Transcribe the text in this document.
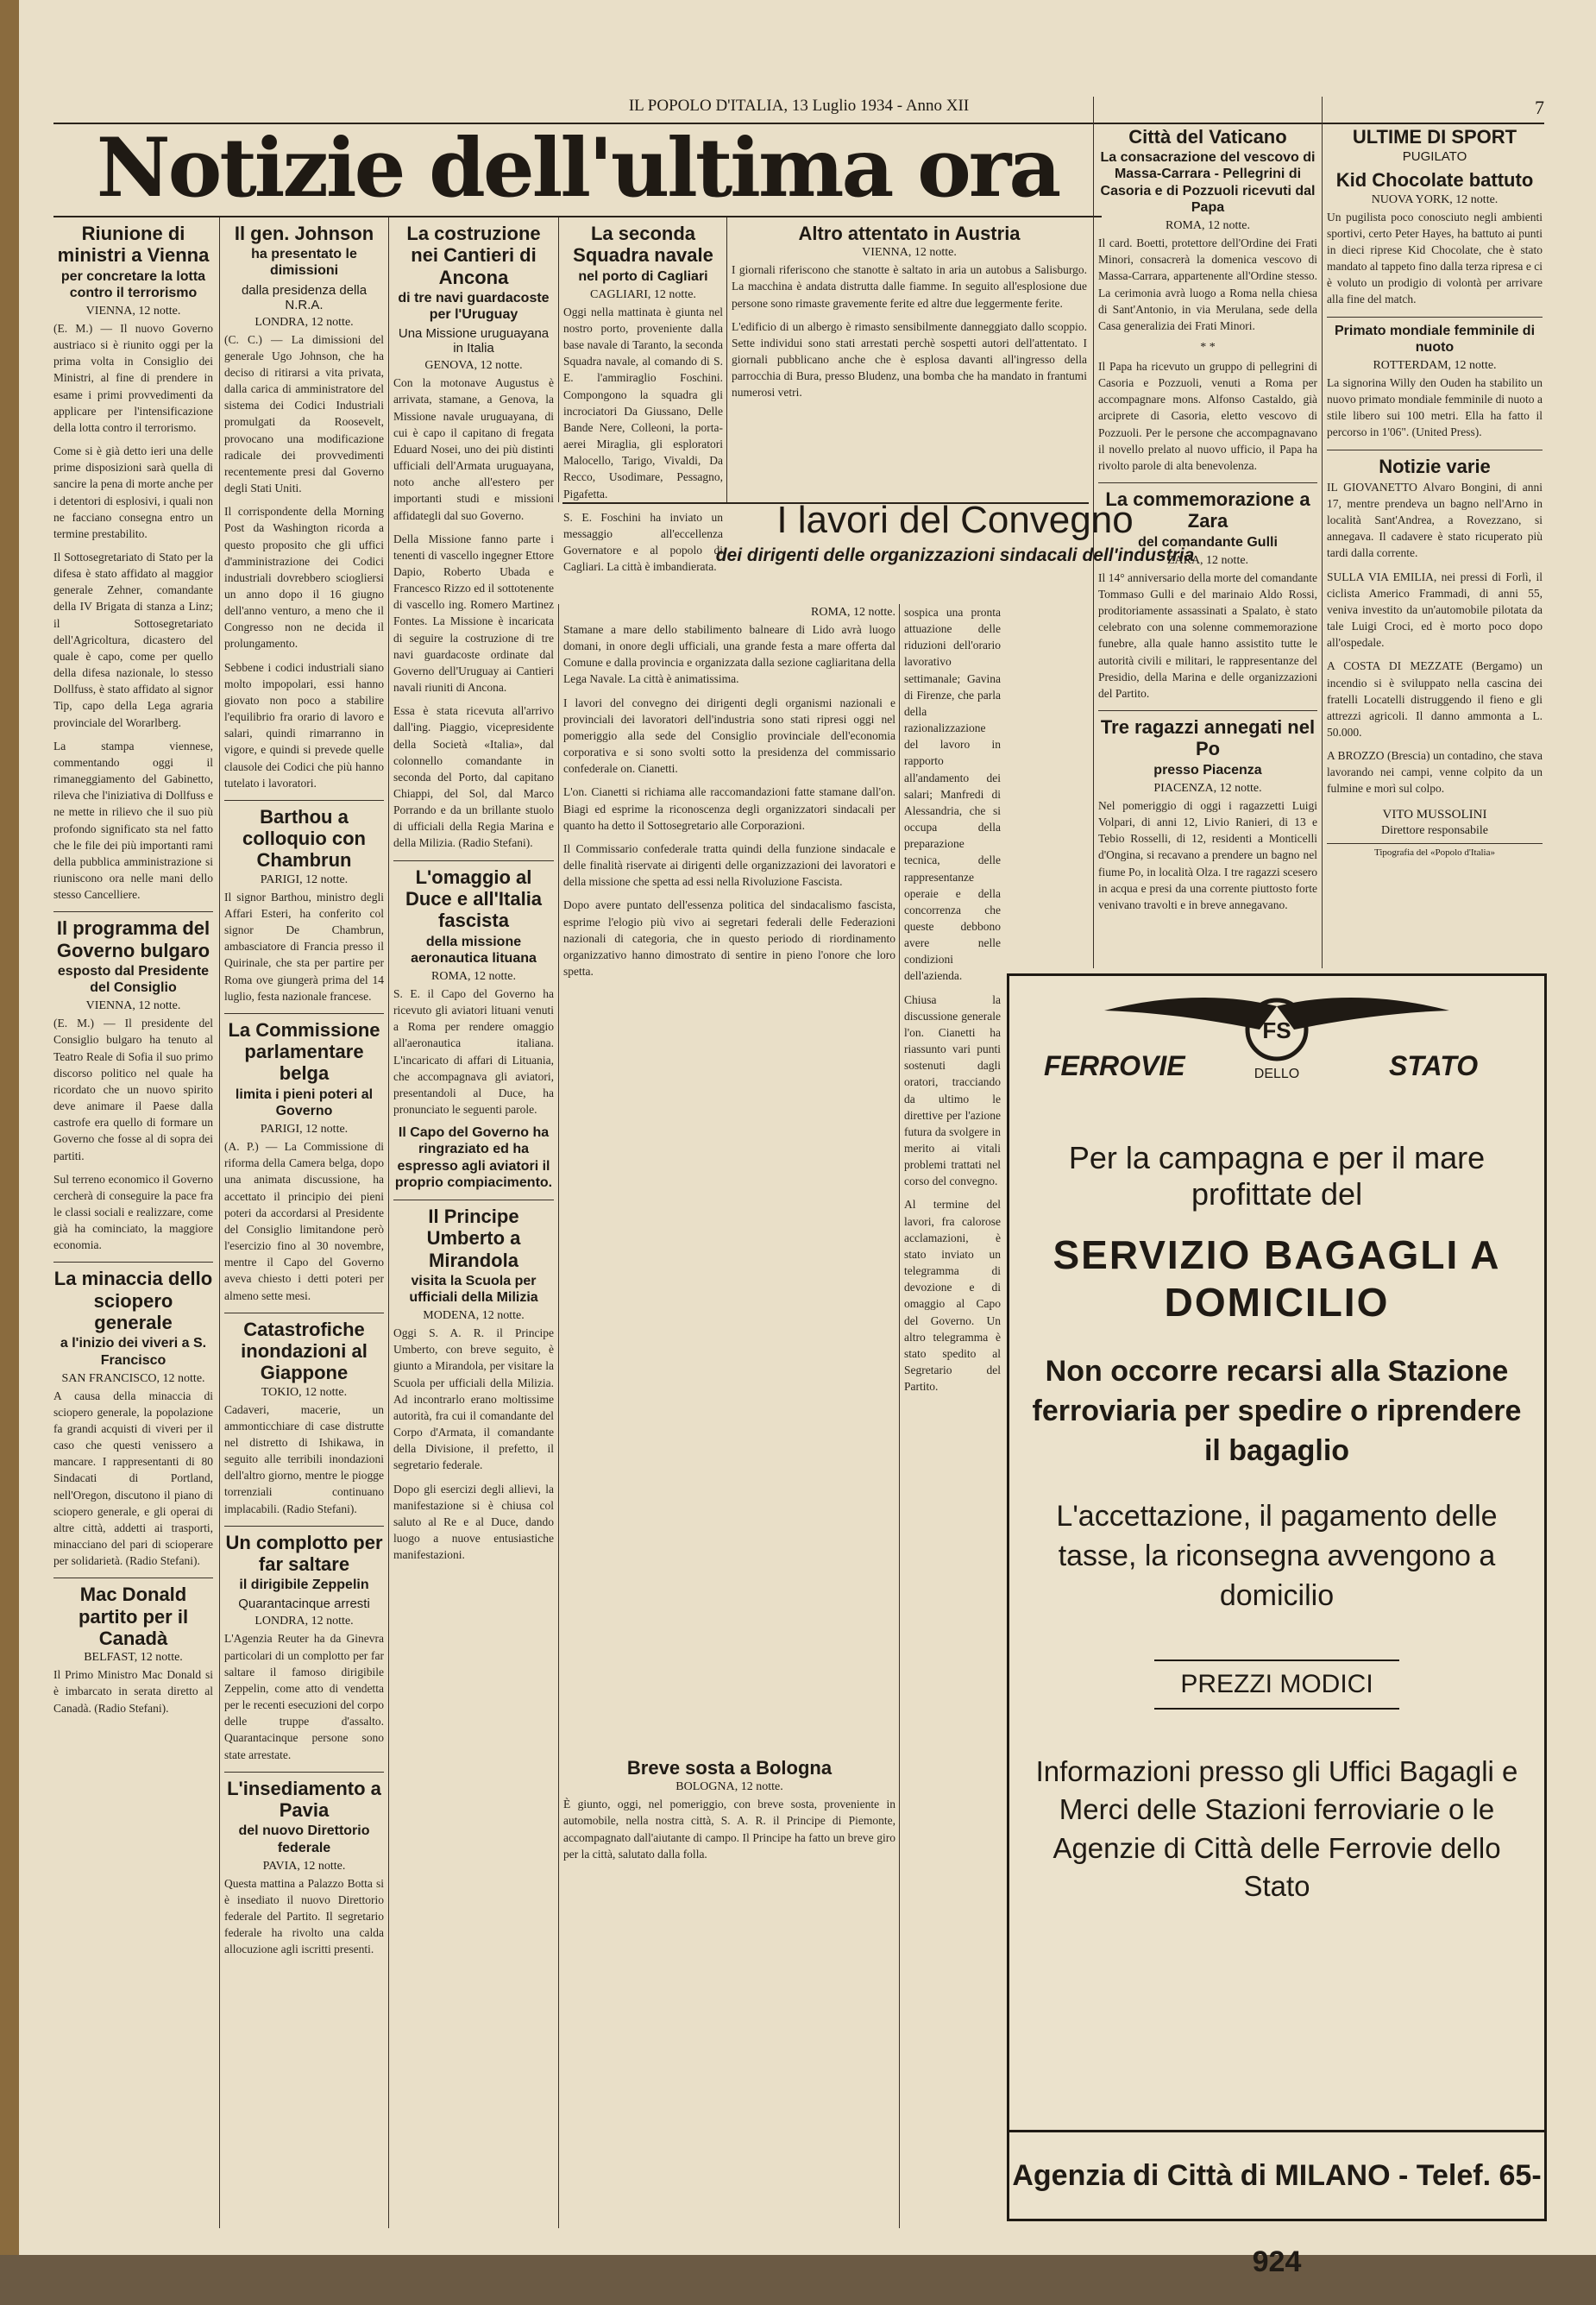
IL POPOLO D'ITALIA, 13 Luglio 1934 - Anno XII	7
Notizie dell'ultima ora
Riunione di ministri a Vienna
per concretare la lotta contro il terrorismo
VIENNA, 12 notte.

(E. M.) — Il nuovo Governo austriaco si è riunito oggi per la prima volta in Consiglio dei Ministri, al fine di prendere in esame i primi provvedimenti da applicare per l'intensificazione della lotta contro il terrorismo.

Come si è già detto ieri una delle prime disposizioni sarà quella di sancire la pena di morte anche per i detentori di esplosivi, i quali non ne facciano consegna entro un termine prestabilito.

Il Sottosegretariato di Stato per la difesa è stato affidato al maggior generale Zehner, comandante della IV Brigata di stanza a Linz; il Sottosegretariato dell'Agricoltura, dicastero del quale è capo, come per quello della difesa nazionale, lo stesso Dollfuss, è stato affidato al signor Tip, capo della Lega agraria provinciale del Worarlberg.

La stampa viennese, commentando oggi il rimaneggiamento del Gabinetto, rileva che l'iniziativa di Dollfuss e ne mette in rilievo che il suo più profondo significato sta nel fatto che le file dei più importanti rami della pubblica amministrazione si riuniscono ora nelle mani dello stesso Cancelliere.

Il programma del Governo bulgaro
esposto dal Presidente del Consiglio
VIENNA, 12 notte.

(E. M.) — Il presidente del Consiglio bulgaro ha tenuto al Teatro Reale di Sofia il suo primo discorso politico nel quale ha ricordato che un nuovo spirito deve animare il Paese dalla castrofe era quello di formare un Governo che fosse al di sopra dei partiti.

Sul terreno economico il Governo cercherà di conseguire la pace fra le classi sociali e realizzare, come già ha cominciato, la maggiore economia.

La minaccia dello sciopero generale
a l'inizio dei viveri a S. Francisco
SAN FRANCISCO, 12 notte.

A causa della minaccia di sciopero generale, la popolazione fa grandi acquisti di viveri per il caso che questi venissero a mancare. I rappresentanti di 80 Sindacati di Portland, nell'Oregon, discutono il piano di sciopero generale, e gli operai di altre città, addetti ai trasporti, minacciano del pari di scioperare per solidarietà. (Radio Stefani).

Mac Donald partito per il Canadà
BELFAST, 12 notte.

Il Primo Ministro Mac Donald si è imbarcato in serata diretto al Canadà. (Radio Stefani).

Il gen. Johnson
ha presentato le dimissioni
dalla presidenza della N.R.A.
LONDRA, 12 notte.

(C. C.) — La dimissioni del generale Ugo Johnson, che ha deciso di ritirarsi a vita privata, dalla carica di amministratore del sistema dei Codici Industriali promulgati da Roosevelt, provocano una modificazione radicale dei provvedimenti recentemente presi dal Governo degli Stati Uniti.

Il corrispondente della Morning Post da Washington ricorda a questo proposito che gli uffici d'amministrazione dei Codici industriali dovrebbero sciogliersi un anno dopo il 16 giugno dell'anno venturo, a meno che il Congresso non ne decida il prolungamento.

Sebbene i codici industriali siano molto impopolari, essi hanno giovato non poco a stabilire l'equilibrio fra orario di lavoro e salari, quindi rimarranno in vigore, e quindi si prevede quelle clausole dei Codici che più hanno tutelato i lavoratori.

Barthou a colloquio con Chambrun
PARIGI, 12 notte.

Il signor Barthou, ministro degli Affari Esteri, ha conferito col signor De Chambrun, ambasciatore di Francia presso il Quirinale, che sta per partire per Roma ove giungerà prima del 14 luglio, festa nazionale francese.

La Commissione parlamentare belga
limita i pieni poteri al Governo
PARIGI, 12 notte.

(A. P.) — La Commissione di riforma della Camera belga, dopo una animata discussione, ha accettato il principio dei pieni poteri da accordarsi al Presidente del Consiglio limitandone però l'esercizio fino al 30 novembre, mentre il Capo del Governo aveva chiesto i detti poteri per almeno sette mesi.

Catastrofiche inondazioni al Giappone
TOKIO, 12 notte.

Cadaveri, macerie, un ammonticchiare di case distrutte nel distretto di Ishikawa, in seguito alle terribili inondazioni dell'altro giorno, mentre le piogge torrenziali continuano implacabili. (Radio Stefani).

Un complotto per far saltare
il dirigibile Zeppelin
Quarantacinque arresti
LONDRA, 12 notte.

L'Agenzia Reuter ha da Ginevra particolari di un complotto per far saltare il famoso dirigibile Zeppelin, come atto di vendetta per le recenti esecuzioni del corpo delle truppe d'assalto. Quarantacinque persone sono state arrestate.

L'insediamento a Pavia
del nuovo Direttorio federale
PAVIA, 12 notte.

Questa mattina a Palazzo Botta si è insediato il nuovo Direttorio federale del Partito. Il segretario federale ha rivolto una calda allocuzione agli iscritti presenti.

La costruzione nei Cantieri di Ancona
di tre navi guardacoste per l'Uruguay
Una Missione uruguayana in Italia
GENOVA, 12 notte.

Con la motonave Augustus è arrivata, stamane, a Genova, la Missione navale uruguayana, di cui è capo il capitano di fregata Eduard Nosei, uno dei più distinti ufficiali dell'Armata uruguayana, noto anche all'estero per importanti studi e missioni affidategli dal suo Governo.

Della Missione fanno parte i tenenti di vascello ingegner Ettore Dapio, Roberto Ubada e Francesco Rizzo ed il sottotenente di vascello ing. Romero Martinez Fontes. La Missione è incaricata di seguire la costruzione di tre navi guardacoste ordinate dal Governo dell'Uruguay ai Cantieri navali riuniti di Ancona.

Essa è stata ricevuta all'arrivo dall'ing. Piaggio, vicepresidente della Società «Italia», dal colonnello comandante in seconda del Porto, dal capitano Chiappi, del Sol, dal Marco Porrando e da un brillante stuolo di ufficiali della Regia Marina e della Milizia. (Radio Stefani).

L'omaggio al Duce e all'Italia fascista
della missione aeronautica lituana
ROMA, 12 notte.

S. E. il Capo del Governo ha ricevuto gli aviatori lituani venuti a Roma per rendere omaggio all'aeronautica italiana. L'incaricato di affari di Lituania, che accompagnava gli aviatori, presentandoli al Duce, ha pronunciato le seguenti parole.

Il Capo del Governo ha ringraziato ed ha espresso agli aviatori il proprio compiacimento.
Il Principe Umberto a Mirandola
visita la Scuola per ufficiali della Milizia
MODENA, 12 notte.

Oggi S. A. R. il Principe Umberto, con breve seguito, è giunto a Mirandola, per visitare la Scuola per ufficiali della Milizia. Ad incontrarlo erano moltissime autorità, fra cui il comandante del Corpo d'Armata, il comandante della Divisione, il prefetto, il segretario federale.

Dopo gli esercizi degli allievi, la manifestazione si è chiusa col saluto al Re e al Duce, dando luogo a nuove entusiastiche manifestazioni.

La seconda Squadra navale
nel porto di Cagliari
CAGLIARI, 12 notte.

Oggi nella mattinata è giunta nel nostro porto, proveniente dalla base navale di Taranto, la seconda Squadra navale, al comando di S. E. l'ammiraglio Foschini. Compongono la squadra gli incrociatori Da Giussano, Delle Bande Nere, Colleoni, la porta-aerei Miraglia, gli esploratori Malocello, Tarigo, Vivaldi, Da Recco, Usodimare, Pessagno, Pigafetta.

S. E. Foschini ha inviato un messaggio all'eccellenza Governatore e al popolo di Cagliari. La città è imbandierata.

Altro attentato in Austria
VIENNA, 12 notte.

I giornali riferiscono che stanotte è saltato in aria un autobus a Salisburgo. La macchina è andata distrutta dalle fiamme. In seguito all'esplosione due persone sono rimaste gravemente ferite ed altre due leggermente ferite.

L'edificio di un albergo è rimasto sensibilmente danneggiato dallo scoppio. Sette individui sono stati arrestati perchè sospetti autori dell'attentato. I giornali pubblicano anche che è esplosa davanti all'ingresso della parrocchia di Bura, presso Bludenz, una bomba che ha mandato in frantumi numerosi vetri.

I lavori del Convegno
dei dirigenti delle organizzazioni sindacali dell'industria
ROMA, 12 notte.

Stamane a mare dello stabilimento balneare di Lido avrà luogo domani, in onore degli ufficiali, una grande festa a mare offerta dal Comune e dalla provincia e organizzata dalla sezione cagliaritana della Lega Navale. La città è animatissima.

I lavori del convegno dei dirigenti degli organismi nazionali e provinciali dei lavoratori dell'industria sono stati ripresi oggi nel pomeriggio alla sede del Consiglio provinciale dell'economia corporativa e si sono svolti sotto la presidenza del commissario confederale on. Cianetti.

L'on. Cianetti si richiama alle raccomandazioni fatte stamane dall'on. Biagi ed esprime la riconoscenza degli organizzatori sindacali per quanto ha detto il Sottosegretario alle Corporazioni.

Il Commissario confederale tratta quindi della funzione sindacale e delle finalità riservate ai dirigenti delle organizzazioni dei lavoratori e della missione che spetta ad essi nella Rivoluzione Fascista.

Dopo avere puntato dell'essenza politica del sindacalismo fascista, esprime l'elogio più vivo ai segretari federali delle Federazioni nazionali di categoria, che in questo periodo di riordinamento organizzativo hanno dimostrato di sentire in pieno l'onore che loro spetta.

Breve sosta a Bologna
BOLOGNA, 12 notte.

È giunto, oggi, nel pomeriggio, con breve sosta, proveniente in automobile, nella nostra città, S. A. R. il Principe di Piemonte, accompagnato dall'aiutante di campo. Il Principe ha fatto un breve giro per la città, salutato dalla folla.

sospica una pronta attuazione delle riduzioni dell'orario lavorativo settimanale; Gavina di Firenze, che parla della razionalizzazione del lavoro in rapporto all'andamento dei salari; Manfredi di Alessandria, che si occupa della preparazione tecnica, delle rappresentanze operaie e della concorrenza che queste debbono avere nelle condizioni dell'azienda.

Chiusa la discussione generale l'on. Cianetti ha riassunto vari punti sostenuti dagli oratori, tracciando da ultimo le direttive per l'azione futura da svolgere in merito ai vitali problemi trattati nel corso del convegno.

Al termine del lavori, fra calorose acclamazioni, è stato inviato un telegramma di devozione e di omaggio al Capo del Governo. Un altro telegramma è stato spedito al Segretario del Partito.

Città del Vaticano
La consacrazione del vescovo di Massa-Carrara - Pellegrini di Casoria e di Pozzuoli ricevuti dal Papa
ROMA, 12 notte.

Il card. Boetti, protettore dell'Ordine dei Frati Minori, consacrerà la domenica vescovo di Massa-Carrara, appartenente all'Ordine stesso. La cerimonia avrà luogo a Roma nella chiesa di Sant'Antonio, in via Merulana, sede della Casa generalizia dei Frati Minori.

* *

Il Papa ha ricevuto un gruppo di pellegrini di Casoria e Pozzuoli, venuti a Roma per accompagnare mons. Alfonso Castaldo, già arciprete di Casoria, eletto vescovo di Pozzuoli. Per le persone che accompagnavano il novello prelato al nuovo ufficio, il Papa ha rivolto parole di alta benevolenza.

La commemorazione a Zara
del comandante Gulli
ZARA, 12 notte.

Il 14° anniversario della morte del comandante Tommaso Gulli e del marinaio Aldo Rossi, proditoriamente assassinati a Spalato, è stato celebrato con una solenne commemorazione funebre, alla quale hanno assistito tutte le autorità civili e militari, le rappresentanze del Presidio, della Marina e delle organizzazioni del Partito.

Tre ragazzi annegati nel Po
presso Piacenza
PIACENZA, 12 notte.

Nel pomeriggio di oggi i ragazzetti Luigi Volpari, di anni 12, Livio Ranieri, di 13 e Tebio Rosselli, di 12, residenti a Monticelli d'Ongina, si recavano a prendere un bagno nel fiume Po, in località Olza. I tre ragazzi scesero in acqua e presi da una corrente piuttosto forte venivano travolti e in breve annegavano.

ULTIME DI SPORT
PUGILATO
Kid Chocolate battuto
NUOVA YORK, 12 notte.

Un pugilista poco conosciuto negli ambienti sportivi, certo Peter Hayes, ha battuto ai punti in dieci riprese Kid Chocolate, che è stato mandato al tappeto fino dalla terza ripresa e ci è voluto un prodigio di volontà per arrivare alla fine del match.

Primato mondiale femminile di nuoto
ROTTERDAM, 12 notte.

La signorina Willy den Ouden ha stabilito un nuovo primato mondiale femminile di nuoto a stile libero sui 100 metri. Ella ha fatto il percorso in 1'06". (United Press).

Notizie varie

IL GIOVANETTO Alvaro Bongini, di anni 17, mentre prendeva un bagno nell'Arno in località Sant'Andrea, a Rovezzano, si annegava. Il cadavere è stato ricuperato più tardi dalla corrente.

SULLA VIA EMILIA, nei pressi di Forlì, il ciclista Americo Frammadi, di anni 55, veniva investito da un'automobile pilotata da tale Luigi Croci, ed è morto poco dopo all'ospedale.

A COSTA DI MEZZATE (Bergamo) un incendio si è sviluppato nella cascina dei fratelli Locatelli distruggendo il fieno e gli attrezzi agricoli. Il danno ammonta a L. 50.000.

A BROZZO (Brescia) un contadino, che stava lavorando nei campi, venne colpito da un fulmine e morì sul colpo.

VITO MUSSOLINI
Direttore responsabile
Tipografia del «Popolo d'Italia»
FS
FERROVIE	DELLO	STATO
Per la campagna e per il mare profittate del
SERVIZIO BAGAGLI A DOMICILIO
Non occorre recarsi alla Stazione ferroviaria per spedire o riprendere il bagaglio
L'accettazione, il pagamento delle tasse, la riconsegna avvengono a domicilio
PREZZI MODICI
Informazioni presso gli Uffici Bagagli e Merci delle Stazioni ferroviarie o le Agenzie di Città delle Ferrovie dello Stato
Agenzia di Città di MILANO - Telef. 65-924
